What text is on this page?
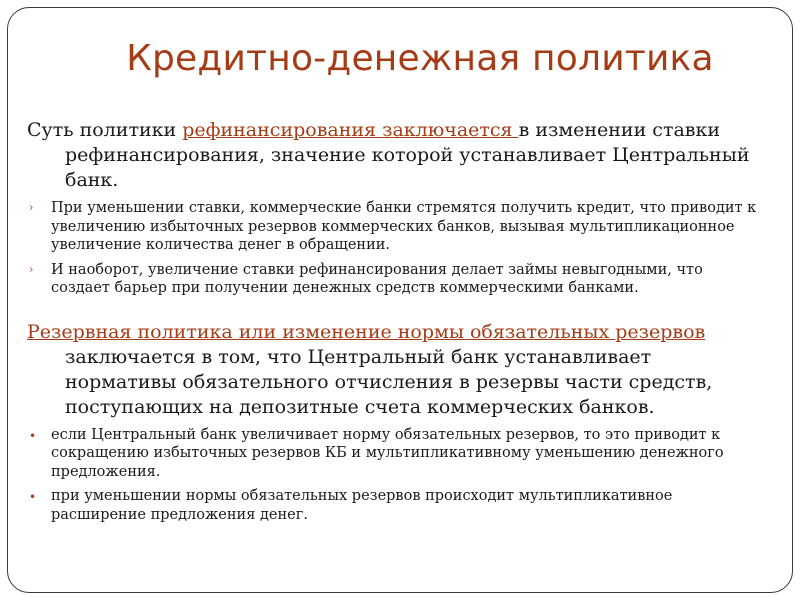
Кредитно-денежная политика

Суть политики рефинансирования заключается в изменении ставки рефинансирования, значение которой устанавливает Центральный банк.

› При уменьшении ставки, коммерческие банки стремятся получить кредит, что приводит к увеличению избыточных резервов коммерческих банков, вызывая мультипликационное увеличение количества денег в обращении.
› И наоборот, увеличение ставки рефинансирования делает займы невыгодными, что создает барьер при получении денежных средств коммерческими банками.

Резервная политика или изменение нормы обязательных резервов заключается в том, что Центральный банк устанавливает нормативы обязательного отчисления в резервы части средств, поступающих на депозитные счета коммерческих банков.

• если Центральный банк увеличивает норму обязательных резервов, то это приводит к сокращению избыточных резервов КБ и мультипликативному уменьшению денежного предложения.
• при уменьшении нормы обязательных резервов происходит мультипликативное расширение предложения денег.
